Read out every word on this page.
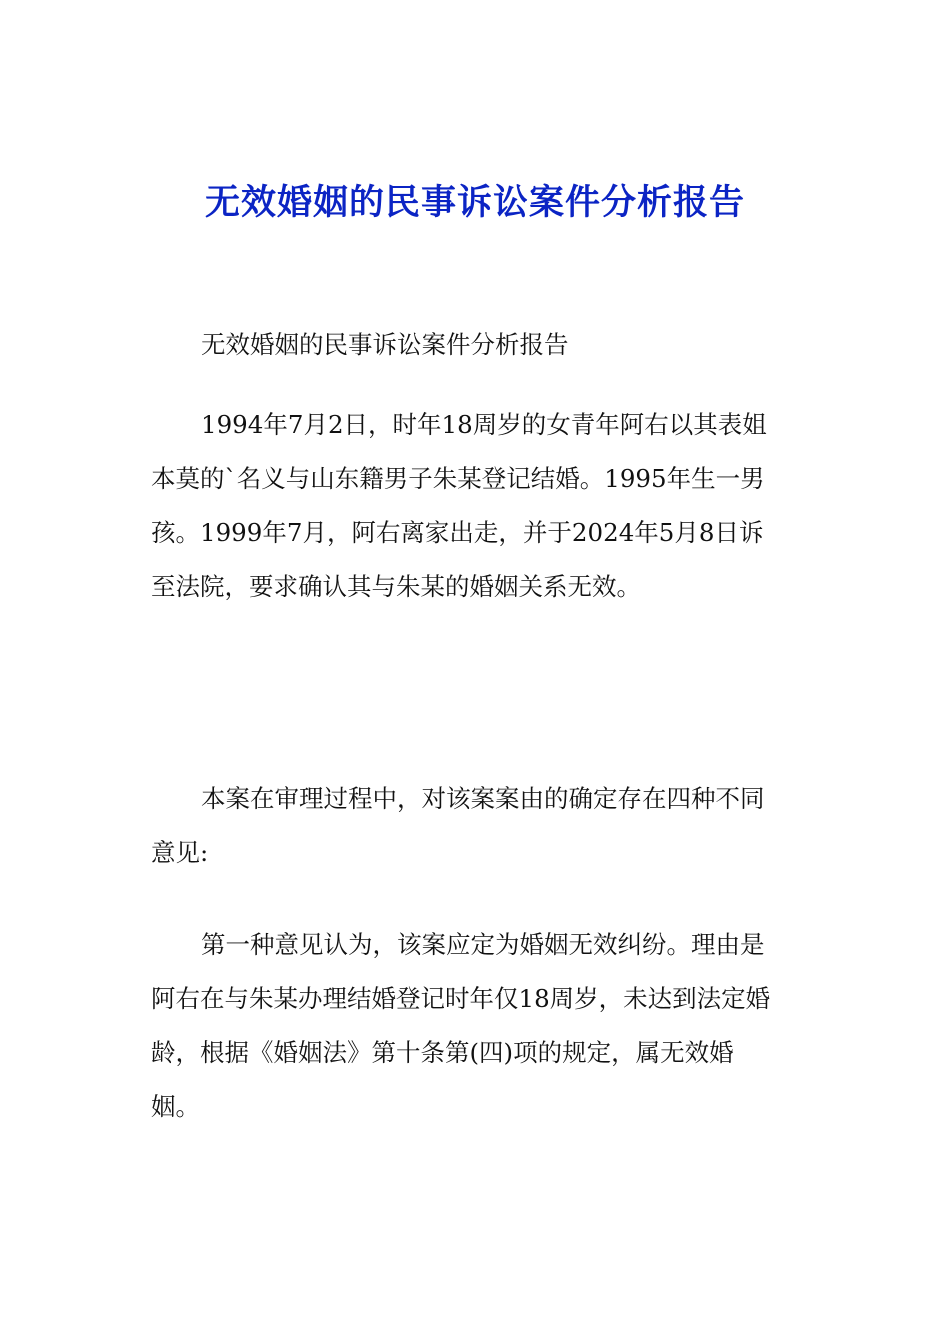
无效婚姻的民事诉讼案件分析报告

无效婚姻的民事诉讼案件分析报告

1994年7月2日，时年18周岁的女青年阿右以其表姐
本莫的`名义与山东籍男子朱某登记结婚。1995年生一男
孩。1999年7月，阿右离家出走，并于2024年5月8日诉
至法院，要求确认其与朱某的婚姻关系无效。

本案在审理过程中，对该案案由的确定存在四种不同
意见:

第一种意见认为，该案应定为婚姻无效纠纷。理由是
阿右在与朱某办理结婚登记时年仅18周岁，未达到法定婚
龄，根据《婚姻法》第十条第(四)项的规定，属无效婚
姻。
